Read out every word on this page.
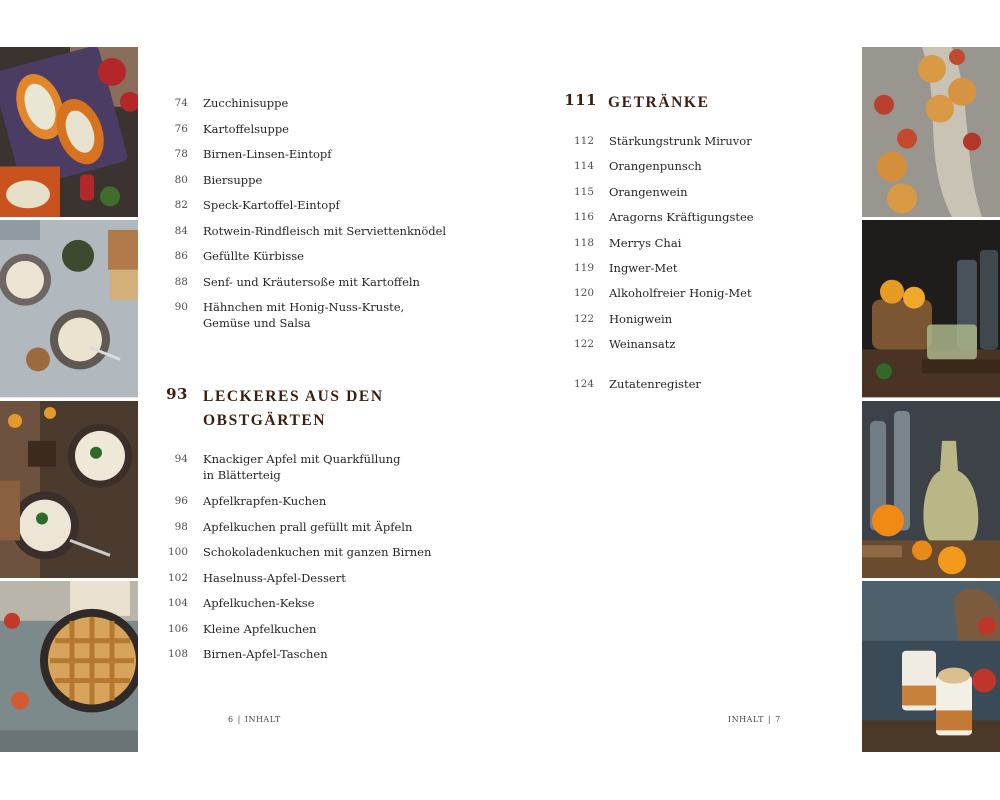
74 Zucchinisuppe
76 Kartoffelsuppe
78 Birnen-Linsen-Eintopf
80 Biersuppe
82 Speck-Kartoffel-Eintopf
84 Rotwein-Rindfleisch mit Serviettenknödel
86 Gefüllte Kürbisse
88 Senf- und Kräutersoße mit Kartoffeln
90 Hähnchen mit Honig-Nuss-Kruste,
Gemüse und Salsa
93 LECKERES AUS DEN
OBSTGÄRTEN
94 Knackiger Apfel mit Quarkfüllung
in Blätterteig
96 Apfelkrapfen-Kuchen
98 Apfelkuchen prall gefüllt mit Äpfeln
100 Schokoladenkuchen mit ganzen Birnen
102 Haselnuss-Apfel-Dessert
104 Apfelkuchen-Kekse
106 Kleine Apfelkuchen
108 Birnen-Apfel-Taschen
6 | INHALT
111 GETRÄNKE
112 Stärkungstrunk Miruvor
114 Orangenpunsch
115 Orangenwein
116 Aragorns Kräftigungstee
118 Merrys Chai
119 Ingwer-Met
120 Alkoholfreier Honig-Met
122 Honigwein
122 Weinansatz
124 Zutatenregister
INHALT | 7
